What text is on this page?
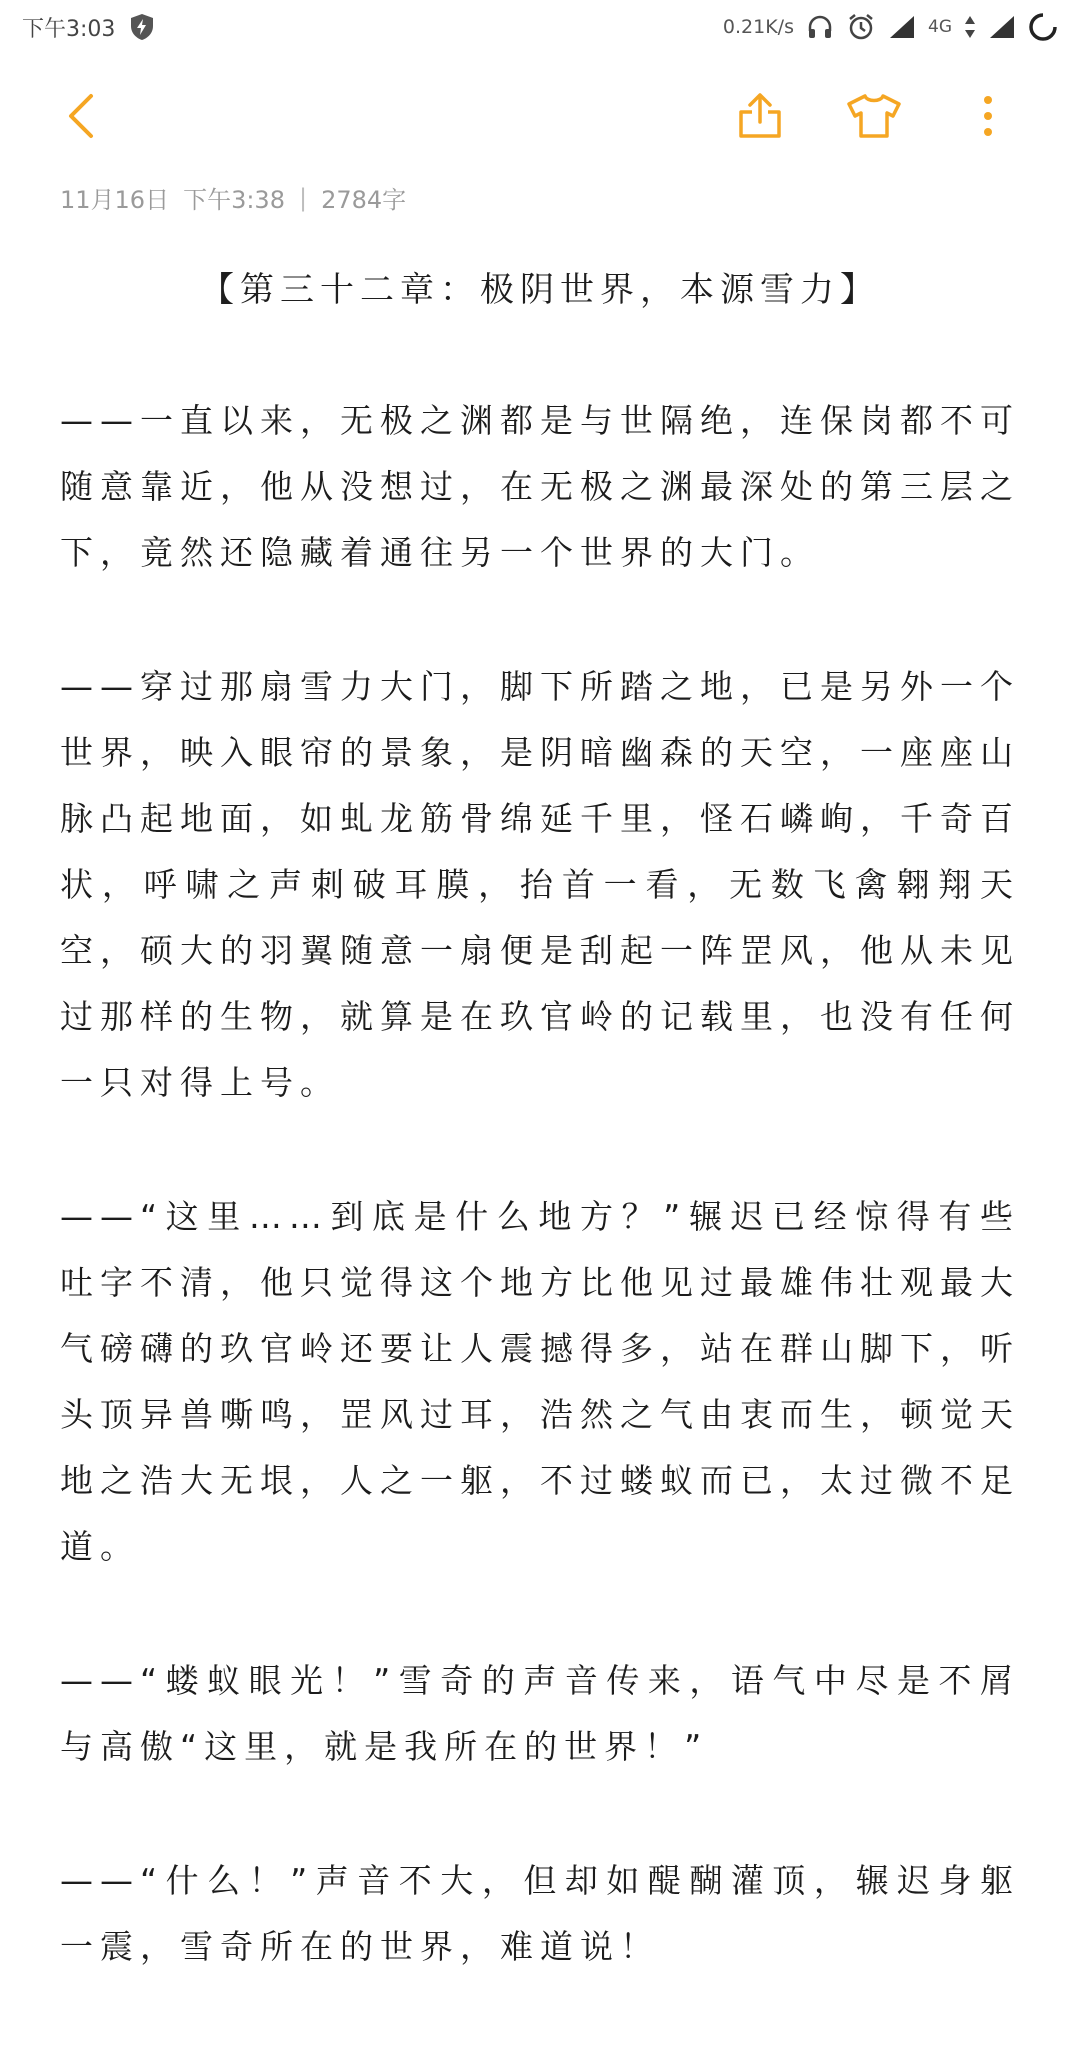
下午3:03	0.21K/s	4G
11月16日 下午3:38 | 2784字
【第三十二章：极阴世界，本源雪力】

——一直以来，无极之渊都是与世隔绝，连保岗都不可随意靠近，他从没想过，在无极之渊最深处的第三层之下，竟然还隐藏着通往另一个世界的大门。

——穿过那扇雪力大门，脚下所踏之地，已是另外一个世界，映入眼帘的景象，是阴暗幽森的天空，一座座山脉凸起地面，如虬龙筋骨绵延千里，怪石嶙峋，千奇百状，呼啸之声刺破耳膜，抬首一看，无数飞禽翱翔天空，硕大的羽翼随意一扇便是刮起一阵罡风，他从未见过那样的生物，就算是在玖官岭的记载里，也没有任何一只对得上号。

——“这里……到底是什么地方？”辗迟已经惊得有些吐字不清，他只觉得这个地方比他见过最雄伟壮观最大气磅礴的玖官岭还要让人震撼得多，站在群山脚下，听头顶异兽嘶鸣，罡风过耳，浩然之气由衷而生，顿觉天地之浩大无垠，人之一躯，不过蝼蚁而已，太过微不足道。

——“蝼蚁眼光！”雪奇的声音传来，语气中尽是不屑与高傲“这里，就是我所在的世界！”

——“什么！”声音不大，但却如醍醐灌顶，辗迟身躯一震，雪奇所在的世界，难道说！
